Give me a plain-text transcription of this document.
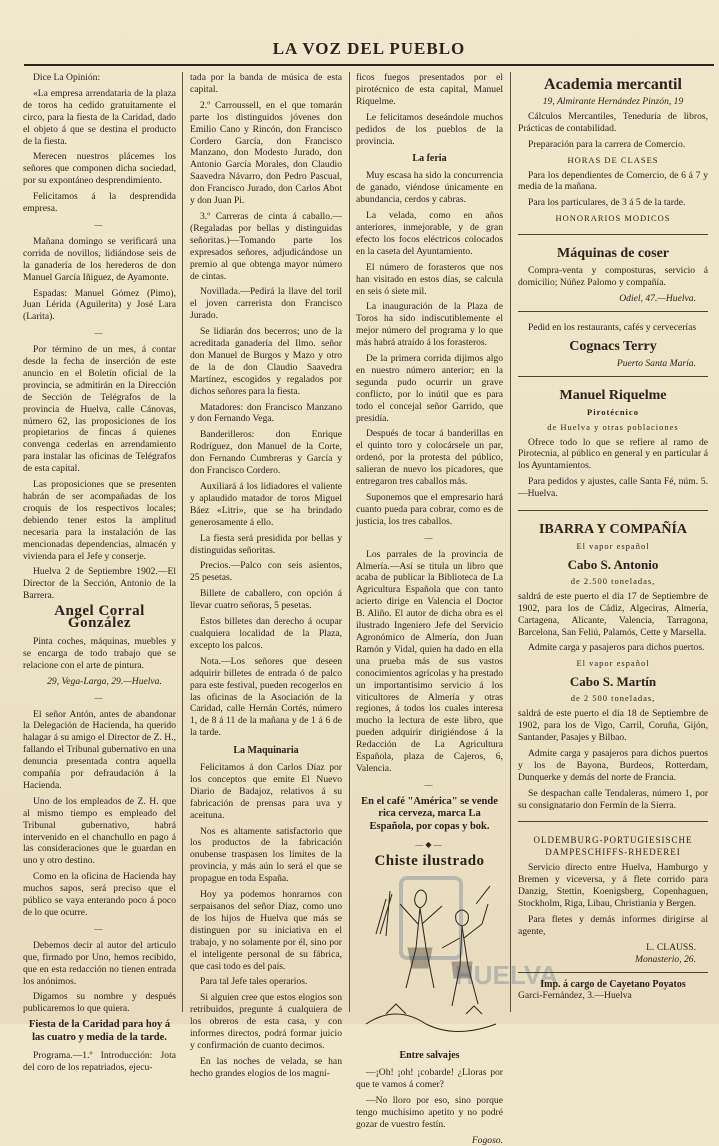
LA VOZ DEL PUEBLO

Dice La Opinión:

«La empresa arrendataria de la plaza de toros ha cedido gratuitamente el circo, para la fiesta de la Caridad, dado el objeto á que se destina el producto de la fiesta.

Merecen nuestros plácemes los señores que componen dicha sociedad, por su expontáneo desprendimiento.

Felicitamos á la desprendida empresa.

—

Mañana domingo se verificará una corrida de novillos, lidiándose seis de la ganadería de los herederos de don Manuel García Iñiguez, de Ayamonte.

Espadas: Manuel Gómez (Pimo), Juan Lérida (Aguilerita) y José Lara (Larita).

—

Por término de un mes, á contar desde la fecha de inserción de este anuncio en el Boletín oficial de la provincia, se admitirán en la Dirección de Sección de Telégrafos de la provincia de Huelva, calle Cánovas, número 62, las proposiciones de los propietarios de fincas á quienes convenga cederlas en arrendamiento para instalar las oficinas de Telégrafos de esta capital.

Las proposiciones que se presenten habrán de ser acompañadas de los croquis de los respectivos locales; debiendo tener estos la amplitud necesaria para la instalación de las mencionadas dependencias, almacén y vivienda para el Jefe y conserje.

Huelva 2 de Septiembre 1902.—El Director de la Sección, Antonio de la Barrera.

Angel Corral González

Pinta coches, máquinas, muebles y se encarga de todo trabajo que se relacione con el arte de pintura.

29, Vega-Larga, 29.—Huelva.

—

El señor Antón, antes de abandonar la Delegación de Hacienda, ha querido halagar á su amigo el Director de Z. H., fallando el Tribunal gubernativo en una denuncia presentada contra aquella compañía por defraudación á la Hacienda.

Uno de los empleados de Z. H. que al mismo tiempo es empleado del Tribunal gubernativo, habrá intervenido en el chanchullo en pago á las consideraciones que le guardan en uno y otro destino.

Como en la oficina de Hacienda hay muchos sapos, será preciso que el público se vaya enterando poco á poco de lo que ocurre.

—

Debemos decir al autor del articulo que, firmado por Uno, hemos recibido, que en esta redacción no tienen entrada los anónimos.

Dígamos su nombre y después publicaremos lo que quiera.

Fiesta de la Caridad para hoy á las cuatro y media de la tarde.

Programa.—1.º Introducción: Jota del coro de los repatriados, ejecu-

tada por la banda de música de esta capital.

2.º Carroussell, en el que tomarán parte los distinguidos jóvenes don Emilio Cano y Rincón, don Francisco Cordero García, don Francisco Manzano, don Modesto Jurado, don Antonio García Morales, don Claudio Saavedra Návarro, don Pedro Pascual, don Francisco Jurado, don Carlos Abot y don Juan Pi.

3.º Carreras de cinta á caballo.—(Regaladas por bellas y distinguidas señoritas.)—Tomando parte los expresados señores, adjudicándose un premio al que obtenga mayor número de cintas.

Novillada.—Pedirá la llave del toril el joven carrerista don Francisco Jurado.

Se lidiarán dos becerros; uno de la acreditada ganadería del Ilmo. señor don Manuel de Burgos y Mazo y otro de la de don Claudio Saavedra Martínez, escogidos y regalados por dichos señores para la fiesta.

Matadores: don Francisco Manzano y don Fernando Vega.

Banderilleros: don Enrique Rodríguez, don Manuel de la Corte, don Fernando Cumbreras y García y don Francisco Cordero.

Auxiliará á los lidiadores el valiente y aplaudido matador de toros Miguel Báez «Litri», que se ha brindado generosamente á ello.

La fiesta será presidida por bellas y distinguidas señoritas.

Precios.—Palco con seis asientos, 25 pesetas.

Billete de caballero, con opción á llevar cuatro señoras, 5 pesetas.

Estos billetes dan derecho á ocupar cualquiera localidad de la Plaza, excepto los palcos.

Nota.—Los señores que deseen adquirir billetes de entrada ó de palco para este festival, pueden recogerlos en las oficinas de la Asociación de la Caridad, calle Hernán Cortés, número 1, de 8 á 11 de la mañana y de 1 á 6 de la tarde.

La Maquinaria

Felicitamos á don Carlos Díaz por los conceptos que emite El Nuevo Diario de Badajoz, relativos á su fabricación de prensas para uva y aceituna.

Nos es altamente satisfactorio que los productos de la fabricación onubense traspasen los límites de la provincia, y más aún lo será el que se propague en toda España.

Hoy ya podemos honrarnos con serpaisanos del señor Diaz, como uno de los hijos de Huelva que más se distinguen por su iniciativa en el trabajo, y no solamente por él, sino por el inteligente personal de su fábrica, que casi todo es del país.

Para tal Jefe tales operarios.

Si alguien cree que estos elogios son retribuidos, pregunte á cualquiera de los obreros de esta casa, y con informes directos, podrá formar juicio y confirmación de cuanto decimos.

En las noches de velada, se han hecho grandes elogios de los magní-

ficos fuegos presentados por el pirotécnico de esta capital, Manuel Riquelme.

Le felicitamos deseándole muchos pedidos de los pueblos de la provincia.

La feria

Muy escasa ha sido la concurrencia de ganado, viéndose únicamente en abundancia, cerdos y cabras.

La velada, como en años anteriores, inmejorable, y de gran efecto los focos eléctricos colocados en la caseta del Ayuntamiento.

El número de forasteros que nos han visitado en estos días, se calcula en seis ó siete mil.

La inauguración de la Plaza de Toros ha sido indiscutiblemente el mejor número del programa y lo que más habrá atraído á los forasteros.

De la primera corrida dijimos algo en nuestro número anterior; en la segunda pudo ocurrir un grave conflicto, por lo inútil que es para todo el concejal señor Garrido, que presidía.

Después de tocar á banderillas en el quinto toro y colocársele un par, ordenó, por la protesta del público, salieran de nuevo los picadores, que entregaron tres caballos más.

Suponemos que el empresario hará cuanto pueda para cobrar, como es de justicia, los tres caballos.

—

Los parrales de la provincia de Almería.—Así se titula un libro que acaba de publicar la Biblioteca de La Agricultura Española que con tanto acierto dirige en Valencia el Doctor B. Aliño. El autor de dicha obra es el ilustrado Ingeniero Jefe del Servicio Agronómico de Almería, don Juan Ramón y Vidal, quien ha dado en ella una prueba más de sus vastos conocimientos agrícolas y ha prestado un importantísimo servicio á los viticultores de Almería y otras regiones, á todos los cuales interesa mucho la lectura de este libro, que pueden adquirir dirigiéndose á la Redacción de La Agricultura Española, plaza de Cajeros, 6, Valencia.

—
En el café "América" se vende rica cerveza, marca La Española, por copas y bok.
—◆—
Chiste ilustrado
Entre salvajes

—¡Oh! ¡oh! ¡cobarde! ¿Lloras por que te vamos á comer?

—No lloro por eso, sino porque tengo muchísimo apetito y no podré gozar de vuestro festín.

Fogoso.

HUELVA
Academia mercantil
19, Almirante Hernández Pinzón, 19

Cálculos Mercantiles, Teneduría de libros, Prácticas de contabilidad.

Preparación para la carrera de Comercio.

HORAS DE CLASES

Para los dependientes de Comercio, de 6 á 7 y media de la mañana.

Para los particulares, de 3 á 5 de la tarde.

HONORARIOS MODICOS
Máquinas de coser

Compra-venta y composturas, servicio á domicilio; Núñez Palomo y compañía.

Odiel, 47.—Huelva.

Pedid en los restaurants, cafés y cervecerías

Cognacs Terry
Puerto Santa María.
Manuel Riquelme
Pirotécnico
de Huelva y otras poblaciones

Ofrece todo lo que se refiere al ramo de Pirotecnia, al público en general y en particular á los Ayuntamientos.

Para pedidos y ajustes, calle Santa Fé, núm. 5.—Huelva.

IBARRA Y COMPAÑÍA
El vapor español
Cabo S. Antonio
de 2.500 toneladas,

saldrá de este puerto el día 17 de Septiembre de 1902, para los de Cádiz, Algeciras, Almería, Cartagena, Alicante, Valencia, Tarragona, Barcelona, San Feliú, Palamós, Cette y Marsella.

Admite carga y pasajeros para dichos puertos.

El vapor español
Cabo S. Martín
de 2 500 toneladas,

saldrá de este puerto el día 18 de Septiembre de 1902, para los de Vigo, Carril, Coruña, Gijón, Santander, Pasajes y Bilbao.

Admite carga y pasajeros para dichos puertos y los de Bayona, Burdeos, Rotterdam, Dunquerke y demás del norte de Francia.

Se despachan calle Tendaleras, número 1, por su consignatario don Fermín de la Sierra.

OLDEMBURG-PORTUGIESISCHE DAMPESCHIFFS-RHEDEREI

Servicio directo entre Huelva, Hamburgo y Bremen y viceversa, y á flete corrido para Danzig, Stettin, Koenigsberg, Copenhaguen, Stockholm, Riga, Libau, Christiania y Bergen.

Para fletes y demás informes dirigirse al agente,

L. CLAUSS.
Monasterio, 26.
Imp. á cargo de Cayetano Poyatos
Garci-Fernández, 3.—Huelva
